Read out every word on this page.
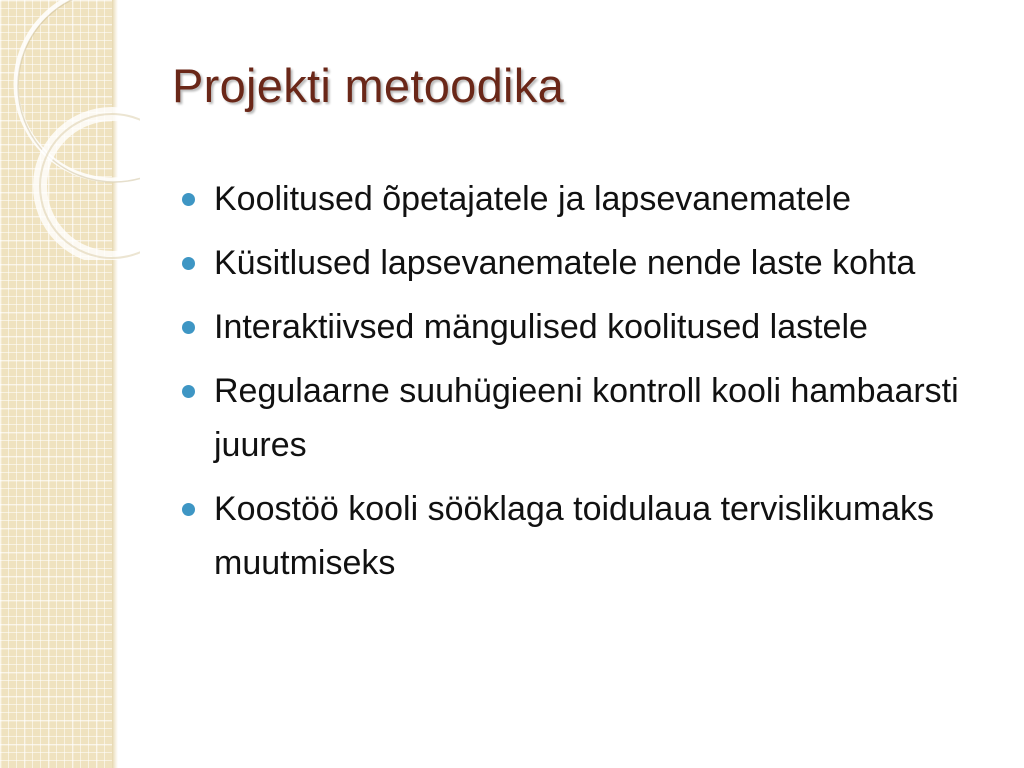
Projekti metoodika
Koolitused õpetajatele ja lapsevanematele
Küsitlused lapsevanematele nende laste kohta
Interaktiivsed mängulised koolitused lastele
Regulaarne suuhügieeni kontroll kooli hambaarsti juures
Koostöö kooli sööklaga toidulaua tervislikumaks muutmiseks
